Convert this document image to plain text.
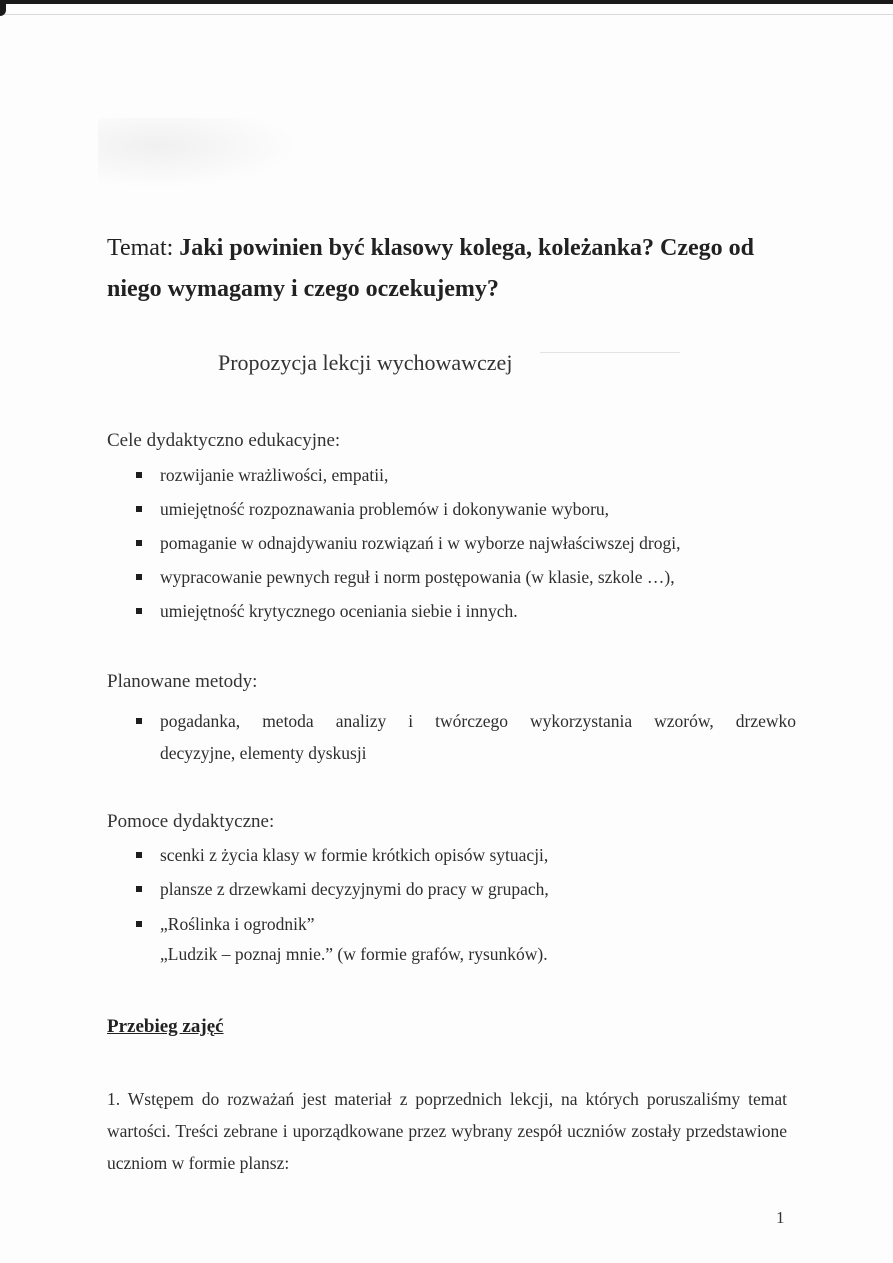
Temat: Jaki powinien być klasowy kolega, koleżanka? Czego od
niego wymagamy i czego oczekujemy?
Propozycja lekcji wychowawczej
Cele dydaktyczno edukacyjne:
rozwijanie wrażliwości, empatii,
umiejętność rozpoznawania problemów i dokonywanie wyboru,
pomaganie w odnajdywaniu rozwiązań i w wyborze najwłaściwszej drogi,
wypracowanie pewnych reguł i norm postępowania (w klasie, szkole …),
umiejętność krytycznego oceniania siebie i innych.
Planowane metody:
pogadanka, metoda analizy i twórczego wykorzystania wzorów, drzewko
decyzyjne, elementy dyskusji
Pomoce dydaktyczne:
scenki z życia klasy w formie krótkich opisów sytuacji,
plansze z drzewkami decyzyjnymi do pracy w grupach,
„Roślinka i ogrodnik”
„Ludzik – poznaj mnie.” (w formie grafów, rysunków).
Przebieg zajęć
1. Wstępem do rozważań jest materiał z poprzednich lekcji, na których poruszaliśmy temat wartości. Treści zebrane i uporządkowane przez wybrany zespół uczniów zostały przedstawione uczniom w formie plansz:
1
